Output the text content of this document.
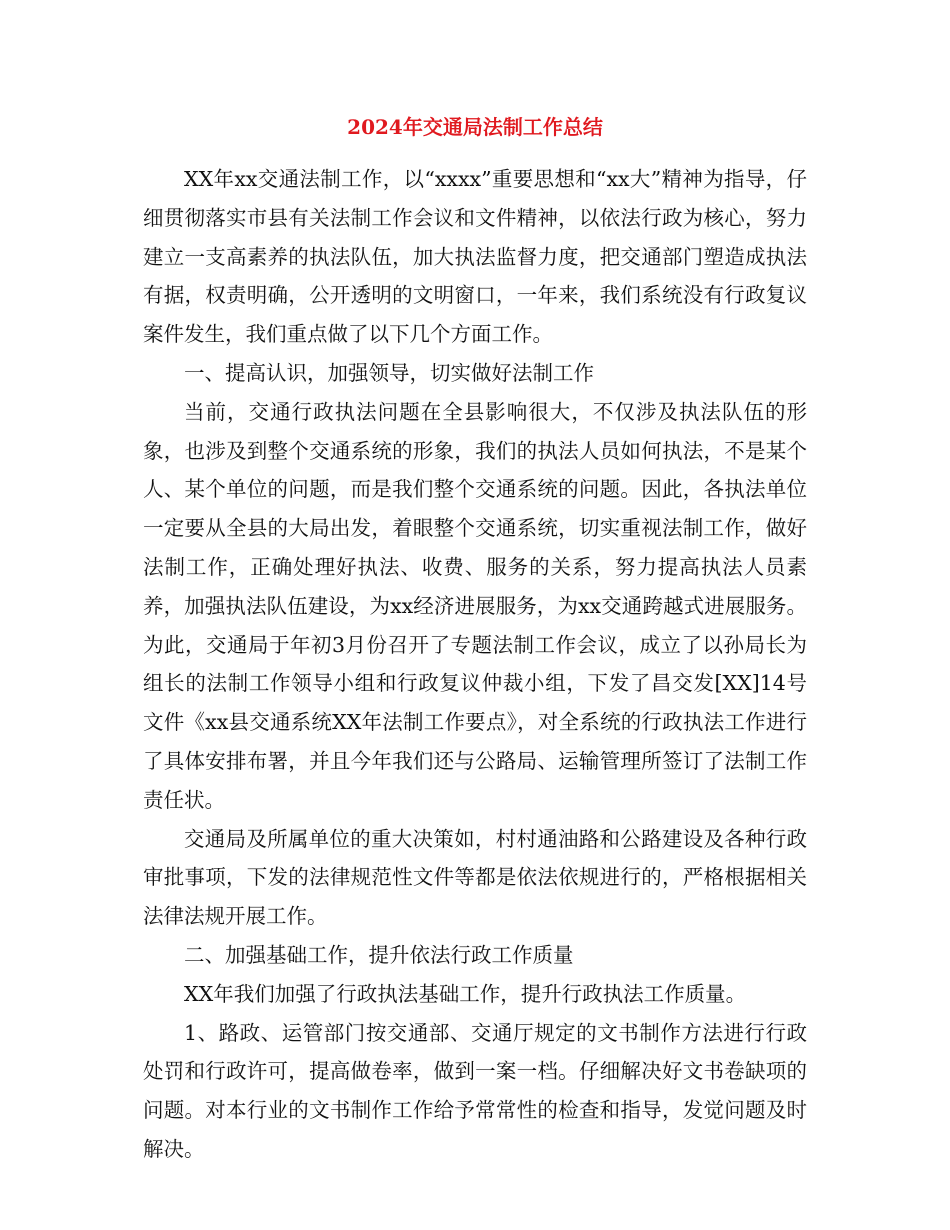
2024年交通局法制工作总结

XX年xx交通法制工作，以“xxxx”重要思想和“xx大”精神为指导，仔细贯彻落实市县有关法制工作会议和文件精神，以依法行政为核心，努力建立一支高素养的执法队伍，加大执法监督力度，把交通部门塑造成执法有据，权责明确，公开透明的文明窗口，一年来，我们系统没有行政复议案件发生，我们重点做了以下几个方面工作。

一、提高认识，加强领导，切实做好法制工作

当前，交通行政执法问题在全县影响很大，不仅涉及执法队伍的形象，也涉及到整个交通系统的形象，我们的执法人员如何执法，不是某个人、某个单位的问题，而是我们整个交通系统的问题。因此，各执法单位一定要从全县的大局出发，着眼整个交通系统，切实重视法制工作，做好法制工作，正确处理好执法、收费、服务的关系，努力提高执法人员素养，加强执法队伍建设，为xx经济进展服务，为xx交通跨越式进展服务。为此，交通局于年初3月份召开了专题法制工作会议，成立了以孙局长为组长的法制工作领导小组和行政复议仲裁小组，下发了昌交发[XX]14号文件《xx县交通系统XX年法制工作要点》，对全系统的行政执法工作进行了具体安排布署，并且今年我们还与公路局、运输管理所签订了法制工作责任状。

交通局及所属单位的重大决策如，村村通油路和公路建设及各种行政审批事项，下发的法律规范性文件等都是依法依规进行的，严格根据相关法律法规开展工作。

二、加强基础工作，提升依法行政工作质量

XX年我们加强了行政执法基础工作，提升行政执法工作质量。

1、路政、运管部门按交通部、交通厅规定的文书制作方法进行行政处罚和行政许可，提高做卷率，做到一案一档。仔细解决好文书卷缺项的问题。对本行业的文书制作工作给予常常性的检查和指导，发觉问题及时解决。
